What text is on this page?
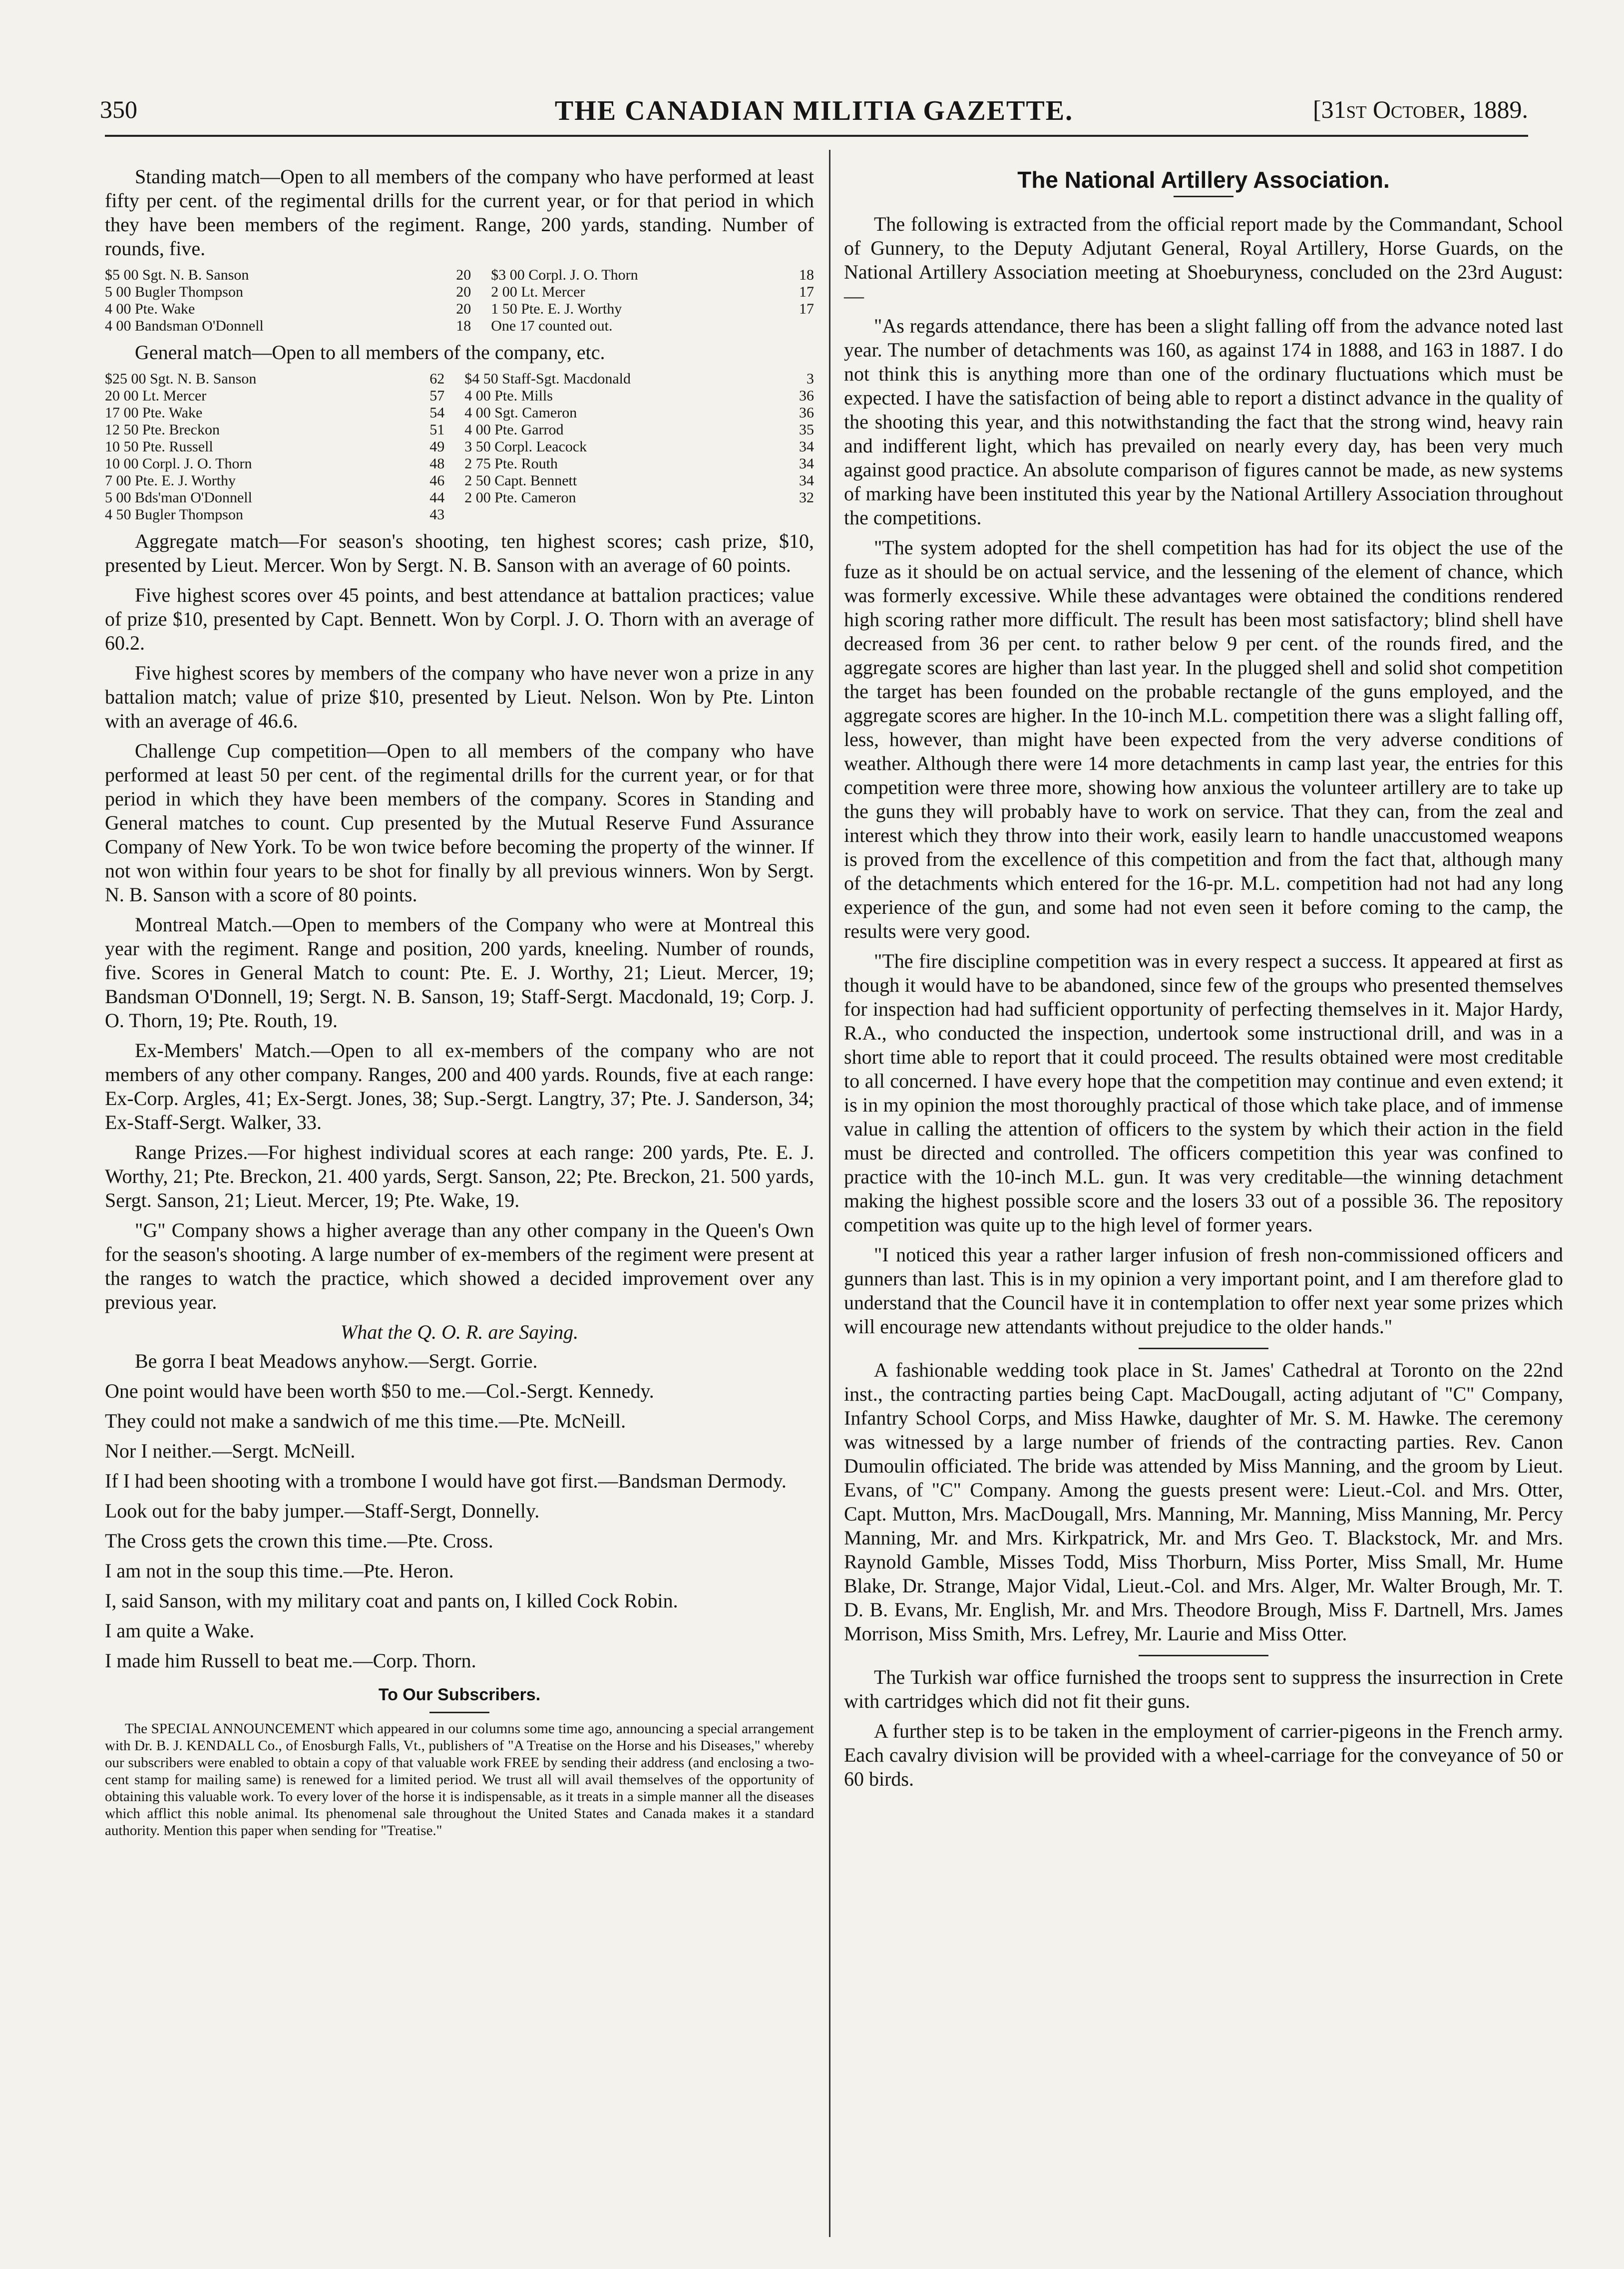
350	THE CANADIAN MILITIA GAZETTE.	[31st October, 1889.

Standing match—Open to all members of the company who have performed at least fifty per cent. of the regimental drills for the current year, or for that period in which they have been members of the regiment. Range, 200 yards, standing. Number of rounds, five.

$5 00 Sgt. N. B. Sanson	20	$3 00 Corpl. J. O. Thorn	18
5 00 Bugler Thompson	20	2 00 Lt. Mercer	17
4 00 Pte. Wake	20	1 50 Pte. E. J. Worthy	17
4 00 Bandsman O'Donnell	18	One 17 counted out.	

General match—Open to all members of the company, etc.

$25 00 Sgt. N. B. Sanson	62	$4 50 Staff-Sgt. Macdonald	3
20 00 Lt. Mercer	57	4 00 Pte. Mills	36
17 00 Pte. Wake	54	4 00 Sgt. Cameron	36
12 50 Pte. Breckon	51	4 00 Pte. Garrod	35
10 50 Pte. Russell	49	3 50 Corpl. Leacock	34
10 00 Corpl. J. O. Thorn	48	2 75 Pte. Routh	34
7 00 Pte. E. J. Worthy	46	2 50 Capt. Bennett	34
5 00 Bds'man O'Donnell	44	2 00 Pte. Cameron	32
4 50 Bugler Thompson	43		

Aggregate match—For season's shooting, ten highest scores; cash prize, $10, presented by Lieut. Mercer. Won by Sergt. N. B. Sanson with an average of 60 points.

Five highest scores over 45 points, and best attendance at battalion practices; value of prize $10, presented by Capt. Bennett. Won by Corpl. J. O. Thorn with an average of 60.2.

Five highest scores by members of the company who have never won a prize in any battalion match; value of prize $10, presented by Lieut. Nelson. Won by Pte. Linton with an average of 46.6.

Challenge Cup competition—Open to all members of the company who have performed at least 50 per cent. of the regimental drills for the current year, or for that period in which they have been members of the company. Scores in Standing and General matches to count. Cup presented by the Mutual Reserve Fund Assurance Company of New York. To be won twice before becoming the property of the winner. If not won within four years to be shot for finally by all previous winners. Won by Sergt. N. B. Sanson with a score of 80 points.

Montreal Match.—Open to members of the Company who were at Montreal this year with the regiment. Range and position, 200 yards, kneeling. Number of rounds, five. Scores in General Match to count: Pte. E. J. Worthy, 21; Lieut. Mercer, 19; Bandsman O'Donnell, 19; Sergt. N. B. Sanson, 19; Staff-Sergt. Macdonald, 19; Corp. J. O. Thorn, 19; Pte. Routh, 19.

Ex-Members' Match.—Open to all ex-members of the company who are not members of any other company. Ranges, 200 and 400 yards. Rounds, five at each range: Ex-Corp. Argles, 41; Ex-Sergt. Jones, 38; Sup.-Sergt. Langtry, 37; Pte. J. Sanderson, 34; Ex-Staff-Sergt. Walker, 33.

Range Prizes.—For highest individual scores at each range: 200 yards, Pte. E. J. Worthy, 21; Pte. Breckon, 21. 400 yards, Sergt. Sanson, 22; Pte. Breckon, 21. 500 yards, Sergt. Sanson, 21; Lieut. Mercer, 19; Pte. Wake, 19.

"G" Company shows a higher average than any other company in the Queen's Own for the season's shooting. A large number of ex-members of the regiment were present at the ranges to watch the practice, which showed a decided improvement over any previous year.

What the Q. O. R. are Saying.

Be gorra I beat Meadows anyhow.—Sergt. Gorrie.

One point would have been worth $50 to me.—Col.-Sergt. Kennedy.

They could not make a sandwich of me this time.—Pte. McNeill.

Nor I neither.—Sergt. McNeill.

If I had been shooting with a trombone I would have got first.—Bandsman Dermody.

Look out for the baby jumper.—Staff-Sergt, Donnelly.

The Cross gets the crown this time.—Pte. Cross.

I am not in the soup this time.—Pte. Heron.

I, said Sanson, with my military coat and pants on, I killed Cock Robin.

I am quite a Wake.

I made him Russell to beat me.—Corp. Thorn.

To Our Subscribers.

The SPECIAL ANNOUNCEMENT which appeared in our columns some time ago, announcing a special arrangement with Dr. B. J. KENDALL Co., of Enosburgh Falls, Vt., publishers of "A Treatise on the Horse and his Diseases," whereby our subscribers were enabled to obtain a copy of that valuable work FREE by sending their address (and enclosing a two-cent stamp for mailing same) is renewed for a limited period. We trust all will avail themselves of the opportunity of obtaining this valuable work. To every lover of the horse it is indispensable, as it treats in a simple manner all the diseases which afflict this noble animal. Its phenomenal sale throughout the United States and Canada makes it a standard authority. Mention this paper when sending for "Treatise."

The National Artillery Association.

The following is extracted from the official report made by the Commandant, School of Gunnery, to the Deputy Adjutant General, Royal Artillery, Horse Guards, on the National Artillery Association meeting at Shoeburyness, concluded on the 23rd August:—

"As regards attendance, there has been a slight falling off from the advance noted last year. The number of detachments was 160, as against 174 in 1888, and 163 in 1887. I do not think this is anything more than one of the ordinary fluctuations which must be expected. I have the satisfaction of being able to report a distinct advance in the quality of the shooting this year, and this notwithstanding the fact that the strong wind, heavy rain and indifferent light, which has prevailed on nearly every day, has been very much against good practice. An absolute comparison of figures cannot be made, as new systems of marking have been instituted this year by the National Artillery Association throughout the competitions.

"The system adopted for the shell competition has had for its object the use of the fuze as it should be on actual service, and the lessening of the element of chance, which was formerly excessive. While these advantages were obtained the conditions rendered high scoring rather more difficult. The result has been most satisfactory; blind shell have decreased from 36 per cent. to rather below 9 per cent. of the rounds fired, and the aggregate scores are higher than last year. In the plugged shell and solid shot competition the target has been founded on the probable rectangle of the guns employed, and the aggregate scores are higher. In the 10-inch M.L. competition there was a slight falling off, less, however, than might have been expected from the very adverse conditions of weather. Although there were 14 more detachments in camp last year, the entries for this competition were three more, showing how anxious the volunteer artillery are to take up the guns they will probably have to work on service. That they can, from the zeal and interest which they throw into their work, easily learn to handle unaccustomed weapons is proved from the excellence of this competition and from the fact that, although many of the detachments which entered for the 16-pr. M.L. competition had not had any long experience of the gun, and some had not even seen it before coming to the camp, the results were very good.

"The fire discipline competition was in every respect a success. It appeared at first as though it would have to be abandoned, since few of the groups who presented themselves for inspection had had sufficient opportunity of perfecting themselves in it. Major Hardy, R.A., who conducted the inspection, undertook some instructional drill, and was in a short time able to report that it could proceed. The results obtained were most creditable to all concerned. I have every hope that the competition may continue and even extend; it is in my opinion the most thoroughly practical of those which take place, and of immense value in calling the attention of officers to the system by which their action in the field must be directed and controlled. The officers competition this year was confined to practice with the 10-inch M.L. gun. It was very creditable—the winning detachment making the highest possible score and the losers 33 out of a possible 36. The repository competition was quite up to the high level of former years.

"I noticed this year a rather larger infusion of fresh non-commissioned officers and gunners than last. This is in my opinion a very important point, and I am therefore glad to understand that the Council have it in contemplation to offer next year some prizes which will encourage new attendants without prejudice to the older hands."

A fashionable wedding took place in St. James' Cathedral at Toronto on the 22nd inst., the contracting parties being Capt. MacDougall, acting adjutant of "C" Company, Infantry School Corps, and Miss Hawke, daughter of Mr. S. M. Hawke. The ceremony was witnessed by a large number of friends of the contracting parties. Rev. Canon Dumoulin officiated. The bride was attended by Miss Manning, and the groom by Lieut. Evans, of "C" Company. Among the guests present were: Lieut.-Col. and Mrs. Otter, Capt. Mutton, Mrs. MacDougall, Mrs. Manning, Mr. Manning, Miss Manning, Mr. Percy Manning, Mr. and Mrs. Kirkpatrick, Mr. and Mrs Geo. T. Blackstock, Mr. and Mrs. Raynold Gamble, Misses Todd, Miss Thorburn, Miss Porter, Miss Small, Mr. Hume Blake, Dr. Strange, Major Vidal, Lieut.-Col. and Mrs. Alger, Mr. Walter Brough, Mr. T. D. B. Evans, Mr. English, Mr. and Mrs. Theodore Brough, Miss F. Dartnell, Mrs. James Morrison, Miss Smith, Mrs. Lefrey, Mr. Laurie and Miss Otter.

The Turkish war office furnished the troops sent to suppress the insurrection in Crete with cartridges which did not fit their guns.

A further step is to be taken in the employment of carrier-pigeons in the French army. Each cavalry division will be provided with a wheel-carriage for the conveyance of 50 or 60 birds.
